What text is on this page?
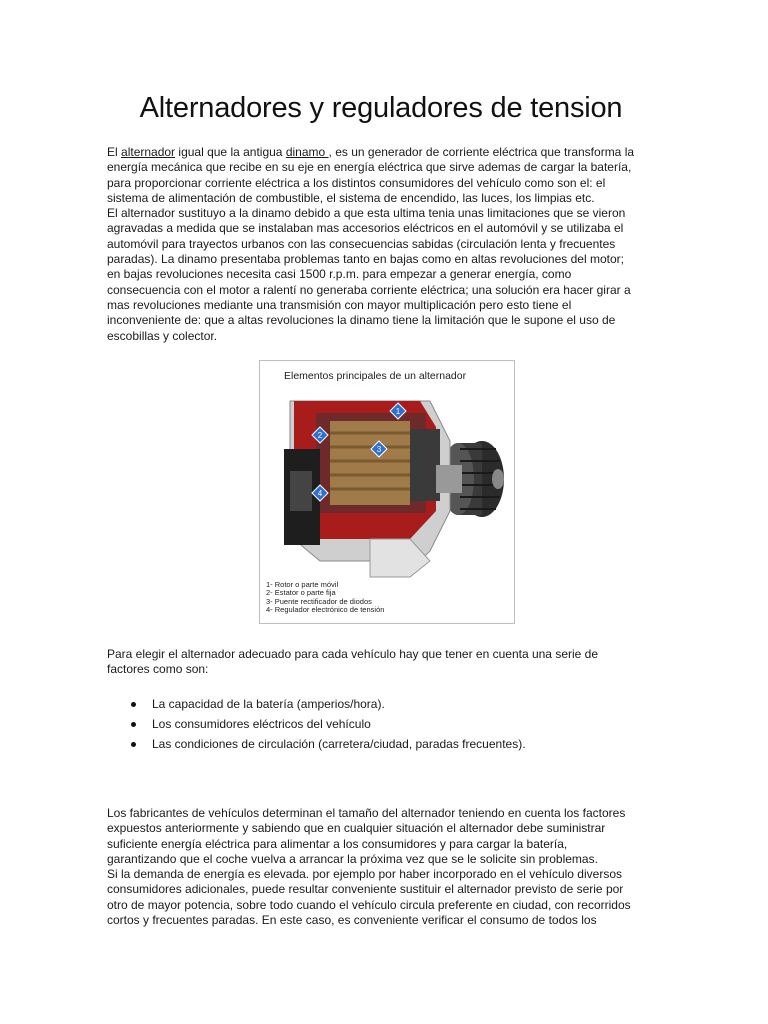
Alternadores y reguladores de tension
El alternador igual que la antigua dinamo , es un generador de corriente eléctrica que transforma la
energía mecánica que recibe en su eje en energía eléctrica que sirve ademas de cargar la batería,
para proporcionar corriente eléctrica a los distintos consumidores del vehículo como son el: el
sistema de alimentación de combustible, el sistema de encendido, las luces, los limpias etc.
El alternador sustituyo a la dinamo debido a que esta ultima tenia unas limitaciones que se vieron
agravadas a medida que se instalaban mas accesorios eléctricos en el automóvil y se utilizaba el
automóvil para trayectos urbanos con las consecuencias sabidas (circulación lenta y frecuentes
paradas). La dinamo presentaba problemas tanto en bajas como en altas revoluciones del motor;
en bajas revoluciones necesita casi 1500 r.p.m. para empezar a generar energía, como
consecuencia con el motor a ralentí no generaba corriente eléctrica; una solución era hacer girar a
mas revoluciones mediante una transmisión con mayor multiplicación pero esto tiene el
inconveniente de: que a altas revoluciones la dinamo tiene la limitación que le supone el uso de
escobillas y colector.
Elementos principales de un alternador
1
2
3
4
1- Rotor o parte móvil
2- Estator o parte fija
3- Puente rectificador de diodos
4- Regulador electrónico de tensión
Para elegir el alternador adecuado para cada vehículo hay que tener en cuenta una serie de
factores como son:
La capacidad de la batería (amperios/hora).
Los consumidores eléctricos del vehículo
Las condiciones de circulación (carretera/ciudad, paradas frecuentes).
Los fabricantes de vehículos determinan el tamaño del alternador teniendo en cuenta los factores
expuestos anteriormente y sabiendo que en cualquier situación el alternador debe suministrar
suficiente energía eléctrica para alimentar a los consumidores y para cargar la batería,
garantizando que el coche vuelva a arrancar la próxima vez que se le solicite sin problemas.
Si la demanda de energía es elevada. por ejemplo por haber incorporado en el vehículo diversos
consumidores adicionales, puede resultar conveniente sustituir el alternador previsto de serie por
otro de mayor potencia, sobre todo cuando el vehículo circula preferente en ciudad, con recorridos
cortos y frecuentes paradas. En este caso, es conveniente verificar el consumo de todos los
